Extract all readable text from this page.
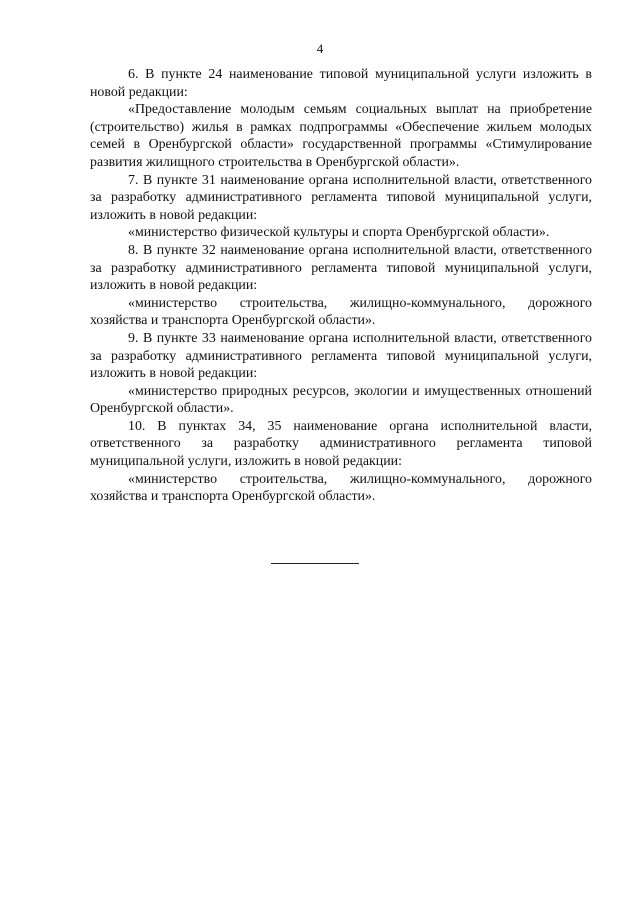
4

6. В пункте 24 наименование типовой муниципальной услуги изложить в новой редакции:

«Предоставление молодым семьям социальных выплат на приобретение (строительство) жилья в рамках подпрограммы «Обеспечение жильем молодых семей в Оренбургской области» государственной программы «Стимулирование развития жилищного строительства в Оренбургской области».

7. В пункте 31 наименование органа исполнительной власти, ответственного за разработку административного регламента типовой муниципальной услуги, изложить в новой редакции:

«министерство физической культуры и спорта Оренбургской области».

8. В пункте 32 наименование органа исполнительной власти, ответственного за разработку административного регламента типовой муниципальной услуги, изложить в новой редакции:

«министерство строительства, жилищно-коммунального, дорожного хозяйства и транспорта Оренбургской области».

9. В пункте 33 наименование органа исполнительной власти, ответственного за разработку административного регламента типовой муниципальной услуги, изложить в новой редакции:

«министерство природных ресурсов, экологии и имущественных отношений Оренбургской области».

10. В пунктах 34, 35 наименование органа исполнительной власти, ответственного за разработку административного регламента типовой муниципальной услуги, изложить в новой редакции:

«министерство строительства, жилищно-коммунального, дорожного хозяйства и транспорта Оренбургской области».
